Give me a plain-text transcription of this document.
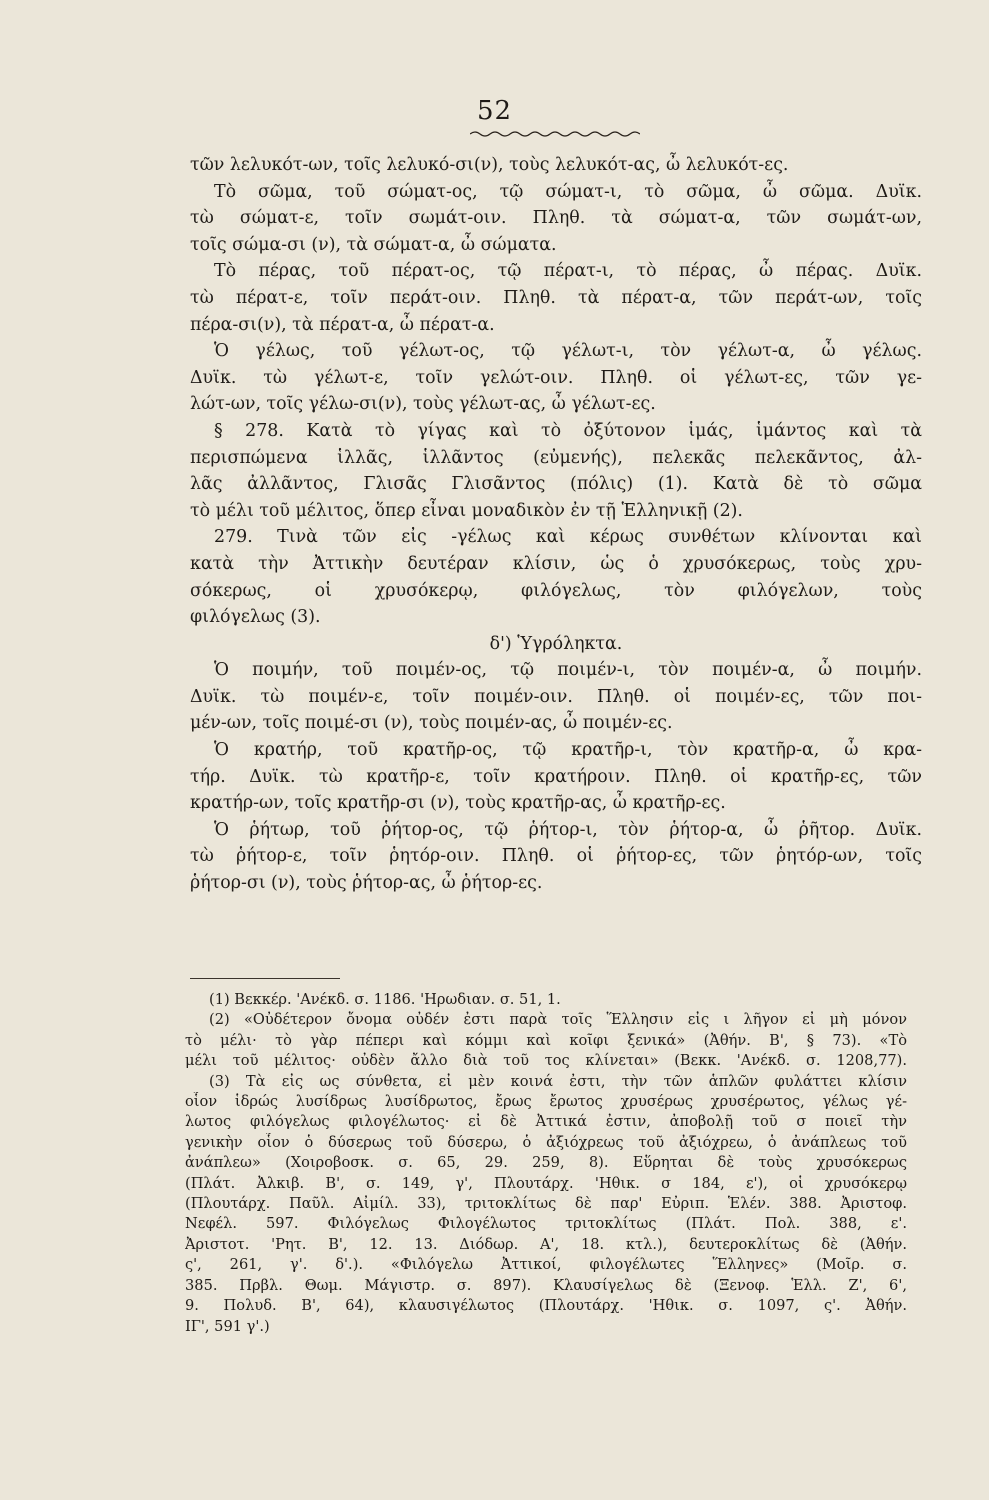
52
τῶν λελυκότ-ων, τοῖς λελυκό-σι(ν), τοὺς λελυκότ-ας, ὦ λελυκότ-ες.
Τὸ σῶμα, τοῦ σώματ-ος, τῷ σώματ-ι, τὸ σῶμα, ὦ σῶμα. Δυϊκ.
τὼ σώματ-ε, τοῖν σωμάτ-οιν. Πληθ. τὰ σώματ-α, τῶν σωμάτ-ων,
τοῖς σώμα-σι (ν), τὰ σώματ-α, ὦ σώματα.
Τὸ πέρας, τοῦ πέρατ-ος, τῷ πέρατ-ι, τὸ πέρας, ὦ πέρας. Δυϊκ.
τὼ πέρατ-ε, τοῖν περάτ-οιν. Πληθ. τὰ πέρατ-α, τῶν περάτ-ων, τοῖς
πέρα-σι(ν), τὰ πέρατ-α, ὦ πέρατ-α.
Ὁ γέλως, τοῦ γέλωτ-ος, τῷ γέλωτ-ι, τὸν γέλωτ-α, ὦ γέλως.
Δυϊκ. τὼ γέλωτ-ε, τοῖν γελώτ-οιν. Πληθ. οἱ γέλωτ-ες, τῶν γε-
λώτ-ων, τοῖς γέλω-σι(ν), τοὺς γέλωτ-ας, ὦ γέλωτ-ες.
§ 278. Κατὰ τὸ γίγας καὶ τὸ ὀξύτονον ἱμάς, ἱμάντος καὶ τὰ
περισπώμενα ἱλλᾶς, ἱλλᾶντος (εὐμενής), πελεκᾶς πελεκᾶντος, ἀλ-
λᾶς ἀλλᾶντος, Γλισᾶς Γλισᾶντος (πόλις) (1). Κατὰ δὲ τὸ σῶμα
τὸ μέλι τοῦ μέλιτος, ὅπερ εἶναι μοναδικὸν ἐν τῇ Ἑλληνικῇ (2).
279. Τινὰ τῶν εἰς -γέλως καὶ κέρως συνθέτων κλίνονται καὶ
κατὰ τὴν Ἀττικὴν δευτέραν κλίσιν, ὡς ὁ χρυσόκερως, τοὺς χρυ-
σόκερως, οἱ χρυσόκερῳ, φιλόγελως, τὸν φιλόγελων, τοὺς
φιλόγελως (3).
δ') Ὑγρόληκτα.
Ὁ ποιμήν, τοῦ ποιμέν-ος, τῷ ποιμέν-ι, τὸν ποιμέν-α, ὦ ποιμήν.
Δυϊκ. τὼ ποιμέν-ε, τοῖν ποιμέν-οιν. Πληθ. οἱ ποιμέν-ες, τῶν ποι-
μέν-ων, τοῖς ποιμέ-σι (ν), τοὺς ποιμέν-ας, ὦ ποιμέν-ες.
Ὁ κρατήρ, τοῦ κρατῆρ-ος, τῷ κρατῆρ-ι, τὸν κρατῆρ-α, ὦ κρα-
τήρ. Δυϊκ. τὼ κρατῆρ-ε, τοῖν κρατήροιν. Πληθ. οἱ κρατῆρ-ες, τῶν
κρατήρ-ων, τοῖς κρατῆρ-σι (ν), τοὺς κρατῆρ-ας, ὦ κρατῆρ-ες.
Ὁ ῥήτωρ, τοῦ ῥήτορ-ος, τῷ ῥήτορ-ι, τὸν ῥήτορ-α, ὦ ῥῆτορ. Δυϊκ.
τὼ ῥήτορ-ε, τοῖν ῥητόρ-οιν. Πληθ. οἱ ῥήτορ-ες, τῶν ῥητόρ-ων, τοῖς
ῥήτορ-σι (ν), τοὺς ῥήτορ-ας, ὦ ῥήτορ-ες.
(1) Βεκκέρ. 'Ανέκδ. σ. 1186. 'Ηρωδιαν. σ. 51, 1.
(2) «Οὐδέτερον ὄνομα οὐδέν ἐστι παρὰ τοῖς Ἕλλησιν εἰς ι λῆγον εἰ μὴ μόνον
τὸ μέλι· τὸ γὰρ πέπερι καὶ κόμμι καὶ κοῖφι ξενικά» (Ἀθήν. Β', § 73). «Τὸ
μέλι τοῦ μέλιτος· οὐδὲν ἄλλο διὰ τοῦ τος κλίνεται» (Βεκκ. 'Ανέκδ. σ. 1208,77).
(3) Τὰ εἰς ως σύνθετα, εἰ μὲν κοινά ἐστι, τὴν τῶν ἁπλῶν φυλάττει κλίσιν
οἷον ἱδρώς λυσίδρως λυσίδρωτος, ἔρως ἔρωτος χρυσέρως χρυσέρωτος, γέλως γέ-
λωτος φιλόγελως φιλογέλωτος· εἰ δὲ Ἀττικά ἐστιν, ἀποβολῇ τοῦ σ ποιεῖ τὴν
γενικὴν οἷον ὁ δύσερως τοῦ δύσερω, ὁ ἀξιόχρεως τοῦ ἀξιόχρεω, ὁ ἀνάπλεως τοῦ
ἀνάπλεω» (Χοιροβοσκ. σ. 65, 29. 259, 8). Εὕρηται δὲ τοὺς χρυσόκερως
(Πλάτ. Ἀλκιβ. Β', σ. 149, γ', Πλουτάρχ. 'Ηθικ. σ 184, ε'), οἱ χρυσόκερῳ
(Πλουτάρχ. Παῦλ. Αἰμίλ. 33), τριτοκλίτως δὲ παρ' Εὐριπ. Ἑλέν. 388. Ἀριστοφ.
Νεφέλ. 597. Φιλόγελως Φιλογέλωτος τριτοκλίτως (Πλάτ. Πολ. 388, ε'.
Ἀριστοτ. 'Ρητ. Β', 12. 13. Διόδωρ. Α', 18. κτλ.), δευτεροκλίτως δὲ (Ἀθήν.
ς', 261, γ'. δ'.). «Φιλόγελω Ἀττικοί, φιλογέλωτες Ἕλληνες» (Μοῖρ. σ.
385. Πρβλ. Θωμ. Μάγιστρ. σ. 897). Κλαυσίγελως δὲ (Ξενοφ. Ἑλλ. Ζ', 6',
9. Πολυδ. Β', 64), κλαυσιγέλωτος (Πλουτάρχ. 'Ηθικ. σ. 1097, ς'. Ἀθήν.
ΙΓ', 591 γ'.)
